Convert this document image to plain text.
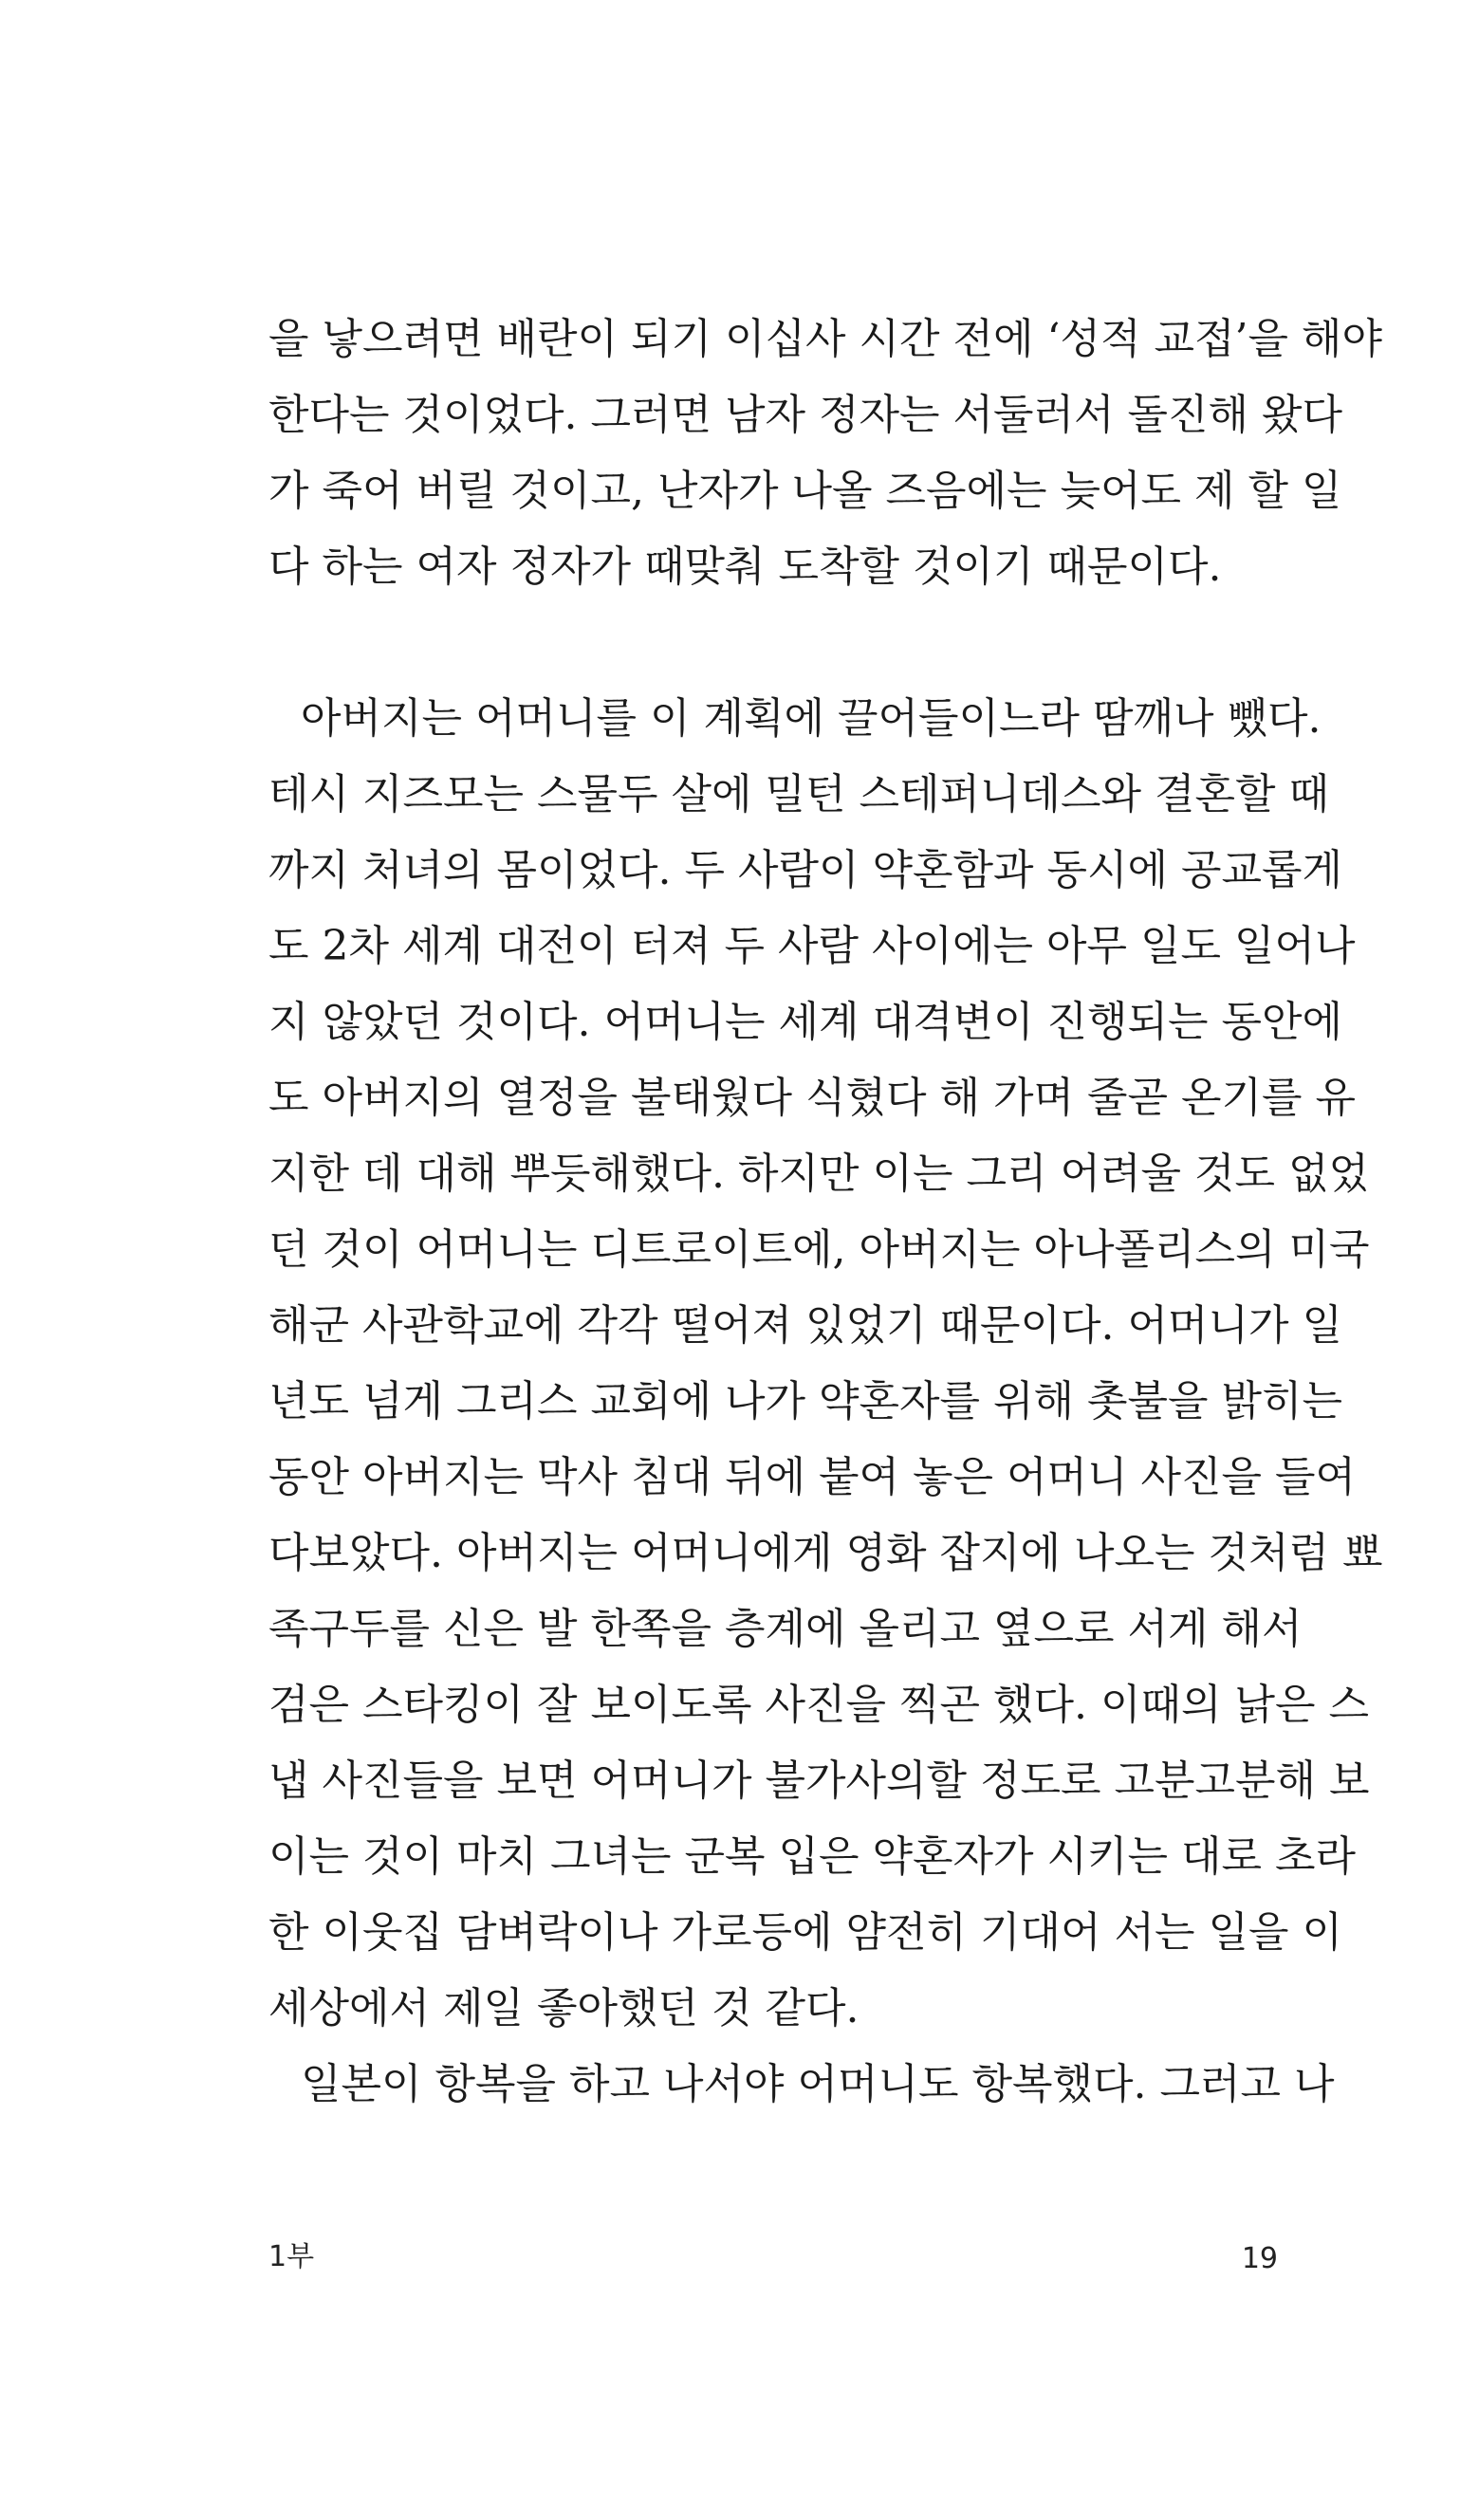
을 낳으려면 배란이 되기 이십사 시간 전에 ‘성적 교접’을 해야
한다는 것이었다. 그러면 남자 정자는 서둘러서 돌진해 왔다
가 죽어 버릴 것이고, 난자가 나올 즈음에는 늦어도 제 할 일
다 하는 여자 정자가 때맞춰 도착할 것이기 때문이다.
아버지는 어머니를 이 계획에 끌어들이느라 땀깨나 뺐다.
테시 지즈모는 스물두 살에 밀턴 스테퍼니데스와 결혼할 때
까지 처녀의 몸이었다. 두 사람이 약혼함과 동시에 공교롭게
도 2차 세계 대전이 터져 두 사람 사이에는 아무 일도 일어나
지 않았던 것이다. 어머니는 세계 대격변이 진행되는 동안에
도 아버지의 열정을 불태웠다 식혔다 해 가며 줄곧 온기를 유
지한 데 대해 뿌듯해했다. 하지만 이는 그리 어려울 것도 없었
던 것이 어머니는 디트로이트에, 아버지는 아나폴리스의 미국
해군 사관학교에 각각 떨어져 있었기 때문이다. 어머니가 일
년도 넘게 그리스 교회에 나가 약혼자를 위해 촛불을 밝히는
동안 아버지는 막사 침대 뒤에 붙여 놓은 어머니 사진을 들여
다보았다. 아버지는 어머니에게 영화 잡지에 나오는 것처럼 뾰
족구두를 신은 발 한쪽을 층계에 올리고 옆으로 서게 해서
검은 스타킹이 잘 보이도록 사진을 찍곤 했다. 이때의 낡은 스
냅 사진들을 보면 어머니가 불가사의할 정도로 고분고분해 보
이는 것이 마치 그녀는 군복 입은 약혼자가 시키는 대로 초라
한 이웃집 담벼락이나 가로등에 얌전히 기대어 서는 일을 이
세상에서 제일 좋아했던 것 같다.
일본이 항복을 하고 나서야 어머니도 항복했다. 그러고 나
1부	19
